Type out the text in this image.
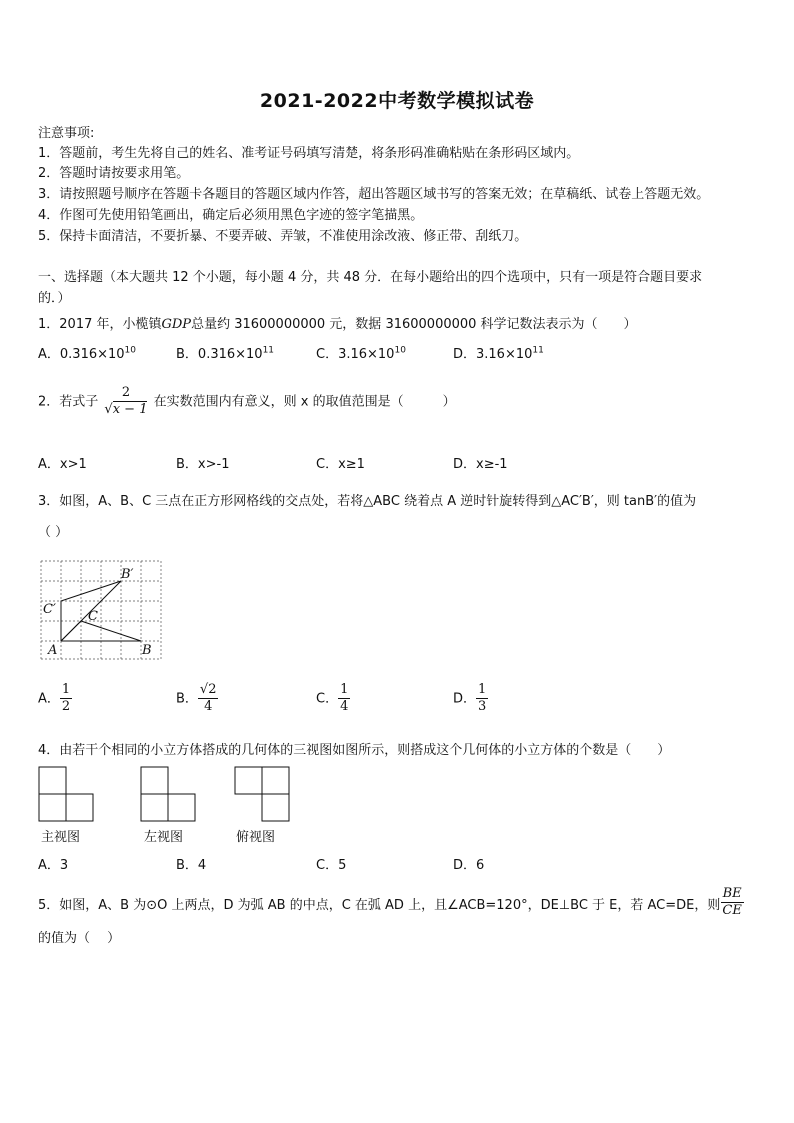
2021-2022中考数学模拟试卷
注意事项:
1．答题前，考生先将自己的姓名、准考证号码填写清楚，将条形码准确粘贴在条形码区域内。
2．答题时请按要求用笔。
3．请按照题号顺序在答题卡各题目的答题区域内作答，超出答题区域书写的答案无效；在草稿纸、试卷上答题无效。
4．作图可先使用铅笔画出，确定后必须用黑色字迹的签字笔描黑。
5．保持卡面清洁，不要折暴、不要弄破、弄皱，不准使用涂改液、修正带、刮纸刀。
一、选择题（本大题共 12 个小题，每小题 4 分，共 48 分．在每小题给出的四个选项中，只有一项是符合题目要求
的．）
1．2017 年，小榄镇GDP总量约 31600000000 元，数据 31600000000 科学记数法表示为（　　）
A．$0.316\times 10^{10}$	B．$0.316\times 10^{11}$	C．$3.16\times 10^{10}$	D．$3.16\times 10^{11}$
2．若式子 $\frac{2}{√x - 1}$ 在实数范围内有意义，则 x 的取值范围是（　　　）
A．x>1	B．x>-1	C．x≥1	D．x≥-1
3．如图，A、B、C 三点在正方形网格线的交点处，若将△ABC 绕着点 A 逆时针旋转得到△AC′B′，则 tanB′的值为
（ ）
A	B
C
C′
B′
A． $\frac{1}{2}$	B． $\frac{√2}{4}$	C． $\frac{1}{4}$	D． $\frac{1}{3}$
4．由若干个相同的小立方体搭成的几何体的三视图如图所示，则搭成这个几何体的小立方体的个数是（　　）
主视图	左视图	俯视图
A．3	B．4	C．5	D．6
5．如图，A、B 为⊙O 上两点，D 为弧 AB 的中点，C 在弧 AD 上，且∠ACB=120°，DE⊥BC 于 E，若 AC=DE，则 $\frac{BE}{CE}$
的值为（　 ）
